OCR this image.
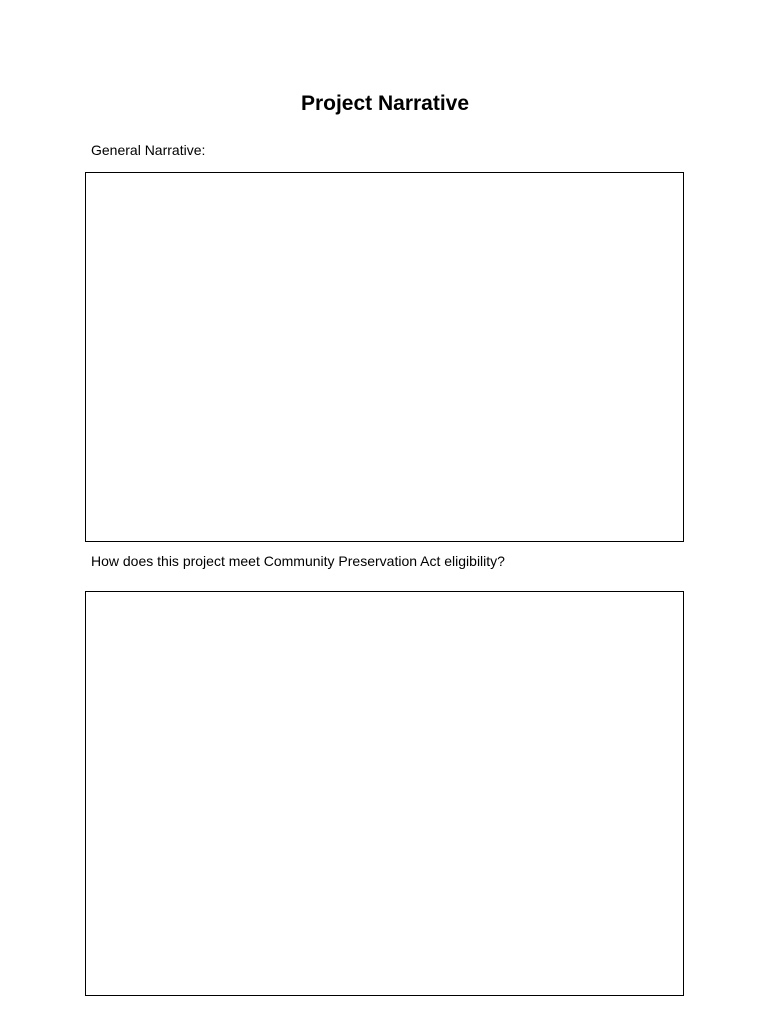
Project Narrative

General Narrative:

How does this project meet Community Preservation Act eligibility?
